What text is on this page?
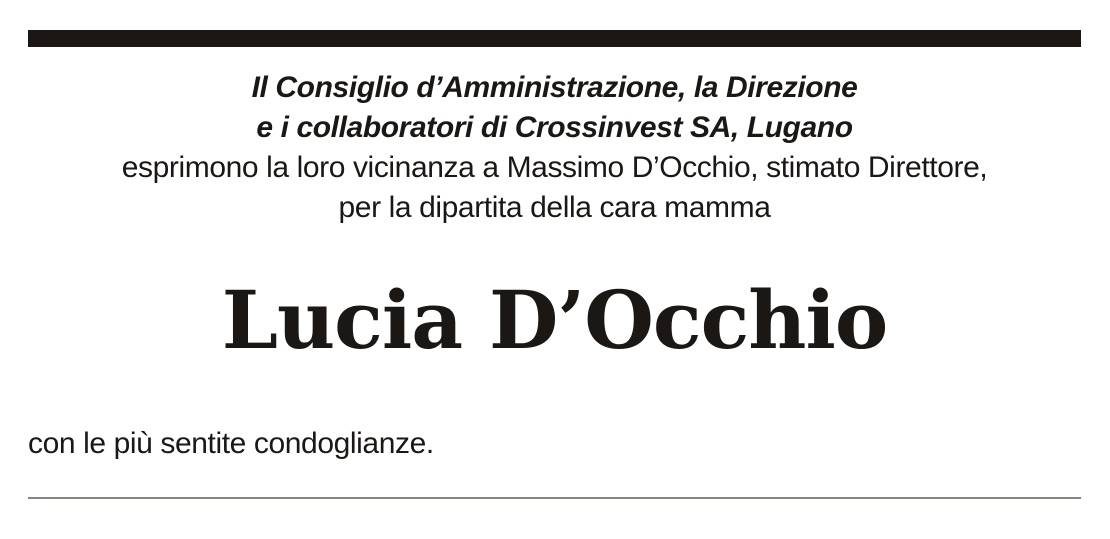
Il Consiglio d’Amministrazione, la Direzione
e i collaboratori di Crossinvest SA, Lugano
esprimono la loro vicinanza a Massimo D’Occhio, stimato Direttore,
per la dipartita della cara mamma
Lucia D’Occhio
con le più sentite condoglianze.
